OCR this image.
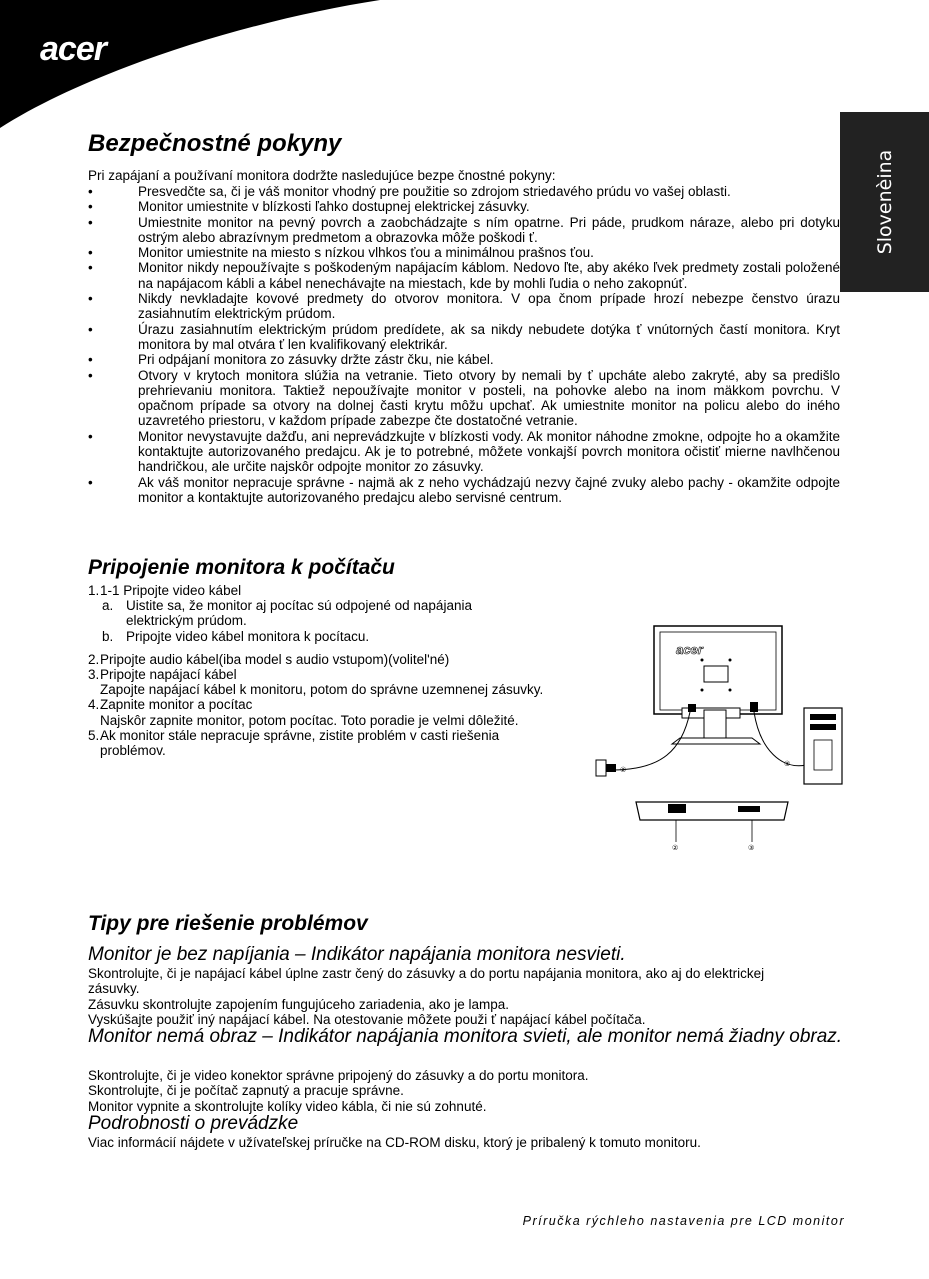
acer
Slovenèina
Bezpečnostné pokyny

Pri zapájaní a používaní monitora dodržte nasledujúce bezpe čnostné pokyny:

• Presvedčte sa, či je váš monitor vhodný pre použitie so zdrojom striedavého prúdu vo vašej oblasti.
• Monitor umiestnite v blízkosti ľahko dostupnej elektrickej zásuvky.
• Umiestnite monitor na pevný povrch a zaobchádzajte s ním opatrne. Pri páde, prudkom náraze, alebo pri dotyku ostrým alebo abrazívnym predmetom a obrazovka môže poškodi ť.
• Monitor umiestnite na miesto s nízkou vlhkos ťou a minimálnou prašnos ťou.
• Monitor nikdy nepoužívajte s poškodeným napájacím káblom. Nedovo ľte, aby akéko ľvek predmety zostali položené na napájacom kábli a kábel nenechávajte na miestach, kde by mohli ľudia o neho zakopnúť.
• Nikdy nevkladajte kovové predmety do otvorov monitora. V opa čnom prípade hrozí nebezpe čenstvo úrazu zasiahnutím elektrickým prúdom.
• Úrazu zasiahnutím elektrickým prúdom predídete, ak sa nikdy nebudete dotýka ť vnútorných častí monitora. Kryt monitora by mal otvára ť len kvalifikovaný elektrikár.
• Pri odpájaní monitora zo zásuvky držte zástr čku, nie kábel.
• Otvory v krytoch monitora slúžia na vetranie. Tieto otvory by nemali by ť upcháte alebo zakryté, aby sa predišlo prehrievaniu monitora. Taktiež nepoužívajte monitor v posteli, na pohovke alebo na inom mäkkom povrchu. V opačnom prípade sa otvory na dolnej časti krytu môžu upchať. Ak umiestnite monitor na policu alebo do iného uzavretého priestoru, v každom prípade zabezpe čte dostatočné vetranie.
• Monitor nevystavujte dažďu, ani neprevádzkujte v blízkosti vody. Ak monitor náhodne zmokne, odpojte ho a okamžite kontaktujte autorizovaného predajcu. Ak je to potrebné, môžete vonkajší povrch monitora očistiť mierne navlhčenou handričkou, ale určite najskôr odpojte monitor zo zásuvky.
• Ak váš monitor nepracuje správne - najmä ak z neho vychádzajú nezvy čajné zvuky alebo pachy - okamžite odpojte monitor a kontaktujte autorizovaného predajcu alebo servisné centrum.
Pripojenie monitora k počítaču
1. 1-1 Pripojte video kábel
a. Uistite sa, že monitor aj pocítac sú odpojené od napájania elektrickým prúdom.
b. Pripojte video kábel monitora k pocítacu.
2. Pripojte audio kábel(iba model s audio vstupom)(volitel'né)
3. Pripojte napájací kábel
Zapojte napájací kábel k monitoru, potom do správne uzemnenej zásuvky.
4. Zapnite monitor a pocítac
Najskôr zapnite monitor, potom pocítac. Toto poradie je velmi dôležité.
5. Ak monitor stále nepracuje správne, zistite problém v casti riešenia problémov.
acer
②
③
②	③
Tipy pre riešenie problémov

Monitor je bez napíjania – Indikátor napájania monitora nesvieti.

Skontrolujte, či je napájací kábel úplne zastr čený do zásuvky a do portu napájania monitora, ako aj do elektrickej zásuvky.
Zásuvku skontrolujte zapojením fungujúceho zariadenia, ako je lampa.
Vyskúšajte použiť iný napájací kábel. Na otestovanie môžete použi ť napájací kábel počítača.

Monitor nemá obraz – Indikátor napájania monitora svieti, ale monitor nemá žiadny obraz.

Skontrolujte, či je video konektor správne pripojený do zásuvky a do portu monitora.
Skontrolujte, či je počítač zapnutý a pracuje správne.
Monitor vypnite a skontrolujte kolíky video kábla, či nie sú zohnuté.

Podrobnosti o prevádzke

Viac informácií nájdete v užívateľskej príručke na CD-ROM disku, ktorý je pribalený k tomuto monitoru.

Príručka rýchleho nastavenia pre LCD monitor
